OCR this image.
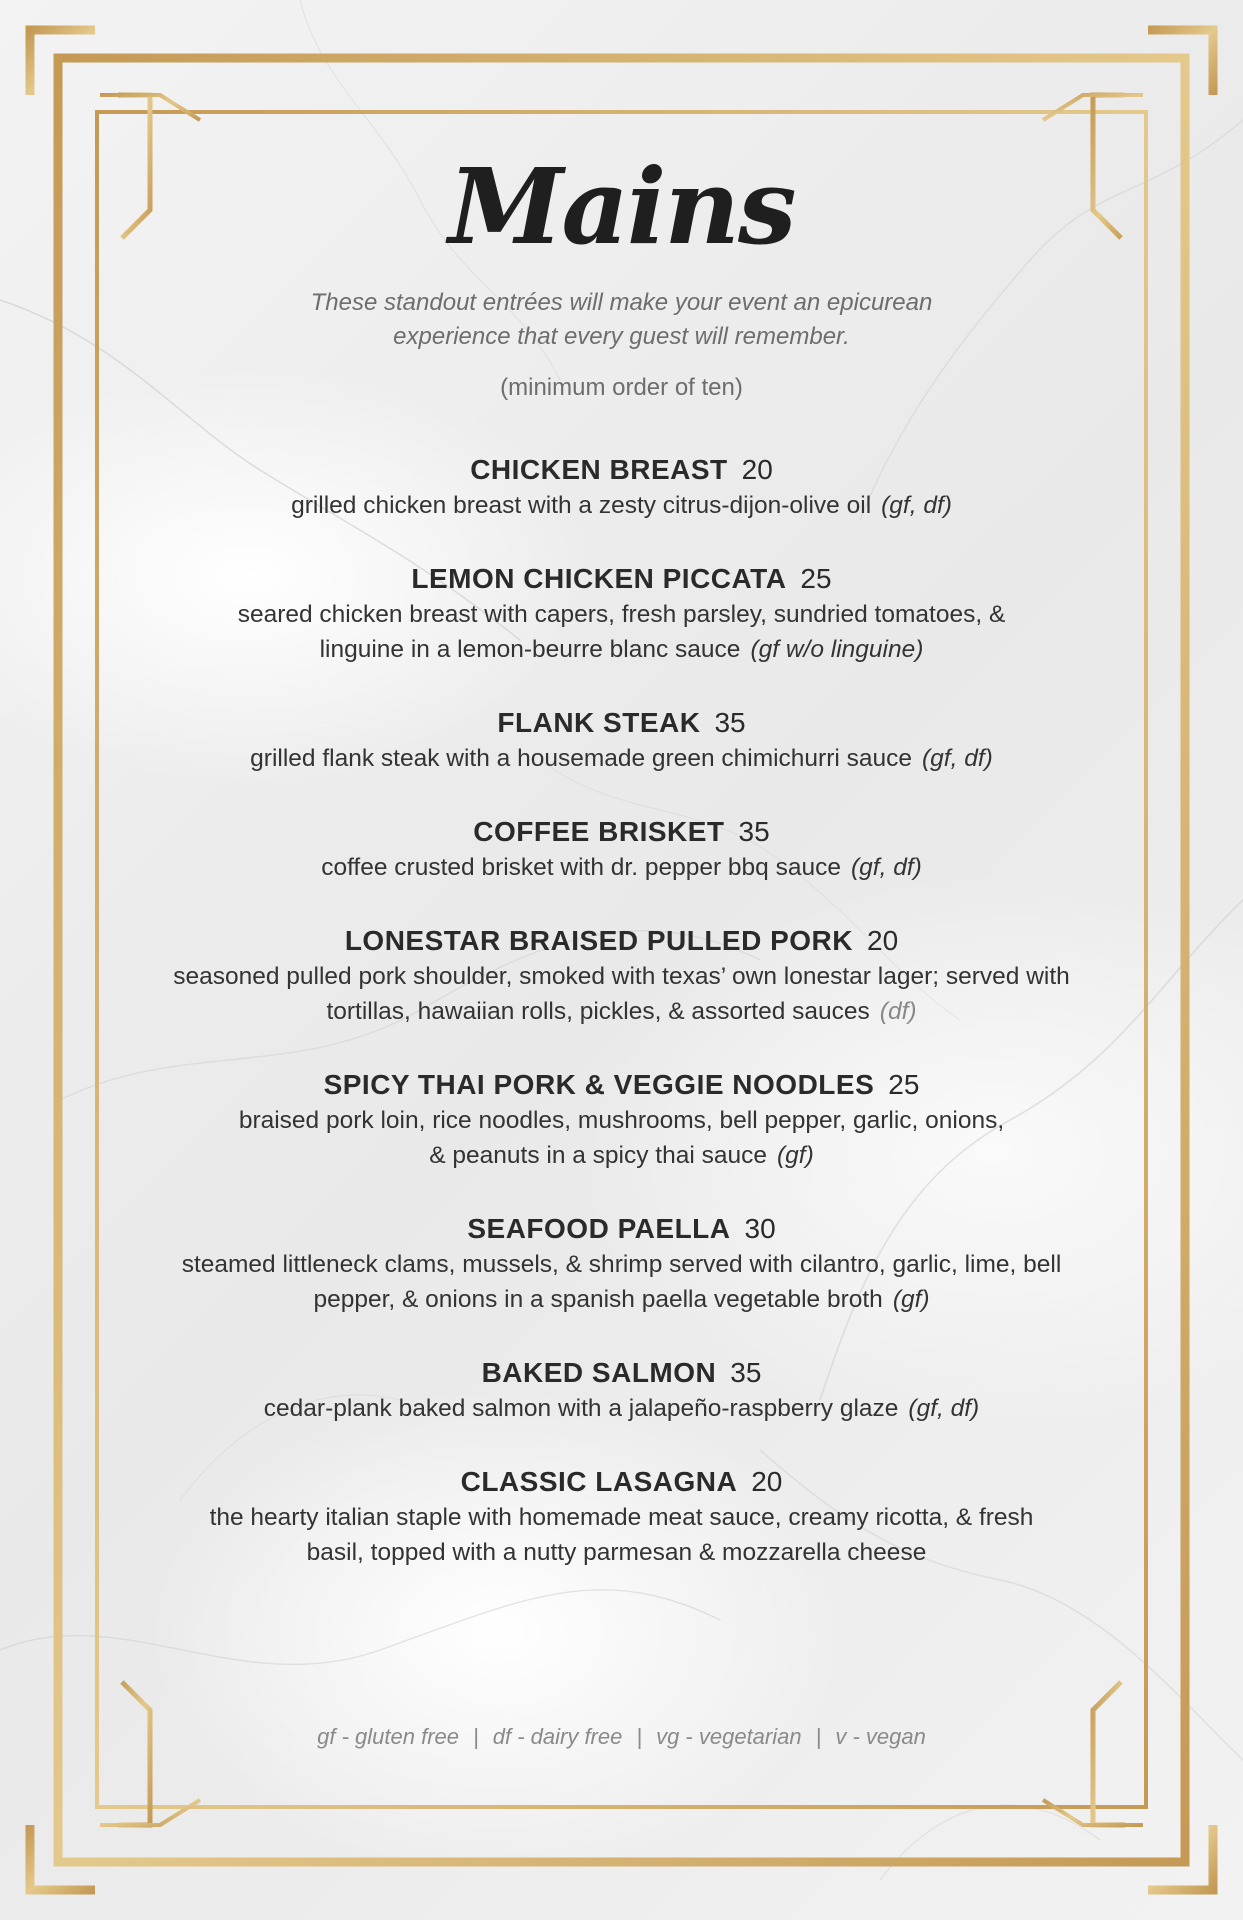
Mains
These standout entrées will make your event an epicurean experience that every guest will remember.
(minimum order of ten)
CHICKEN BREAST 20
grilled chicken breast with a zesty citrus-dijon-olive oil (gf, df)
LEMON CHICKEN PICCATA 25
seared chicken breast with capers, fresh parsley, sundried tomatoes, & linguine in a lemon-beurre blanc sauce (gf w/o linguine)
FLANK STEAK 35
grilled flank steak with a housemade green chimichurri sauce (gf, df)
COFFEE BRISKET 35
coffee crusted brisket with dr. pepper bbq sauce (gf, df)
LONESTAR BRAISED PULLED PORK 20
seasoned pulled pork shoulder, smoked with texas’ own lonestar lager; served with tortillas, hawaiian rolls, pickles, & assorted sauces (df)
SPICY THAI PORK & VEGGIE NOODLES 25
braised pork loin, rice noodles, mushrooms, bell pepper, garlic, onions, & peanuts in a spicy thai sauce (gf)
SEAFOOD PAELLA 30
steamed littleneck clams, mussels, & shrimp served with cilantro, garlic, lime, bell pepper, & onions in a spanish paella vegetable broth (gf)
BAKED SALMON 35
cedar-plank baked salmon with a jalapeño-raspberry glaze (gf, df)
CLASSIC LASAGNA 20
the hearty italian staple with homemade meat sauce, creamy ricotta, & fresh basil, topped with a nutty parmesan & mozzarella cheese
gf - gluten free | df - dairy free | vg - vegetarian | v - vegan
